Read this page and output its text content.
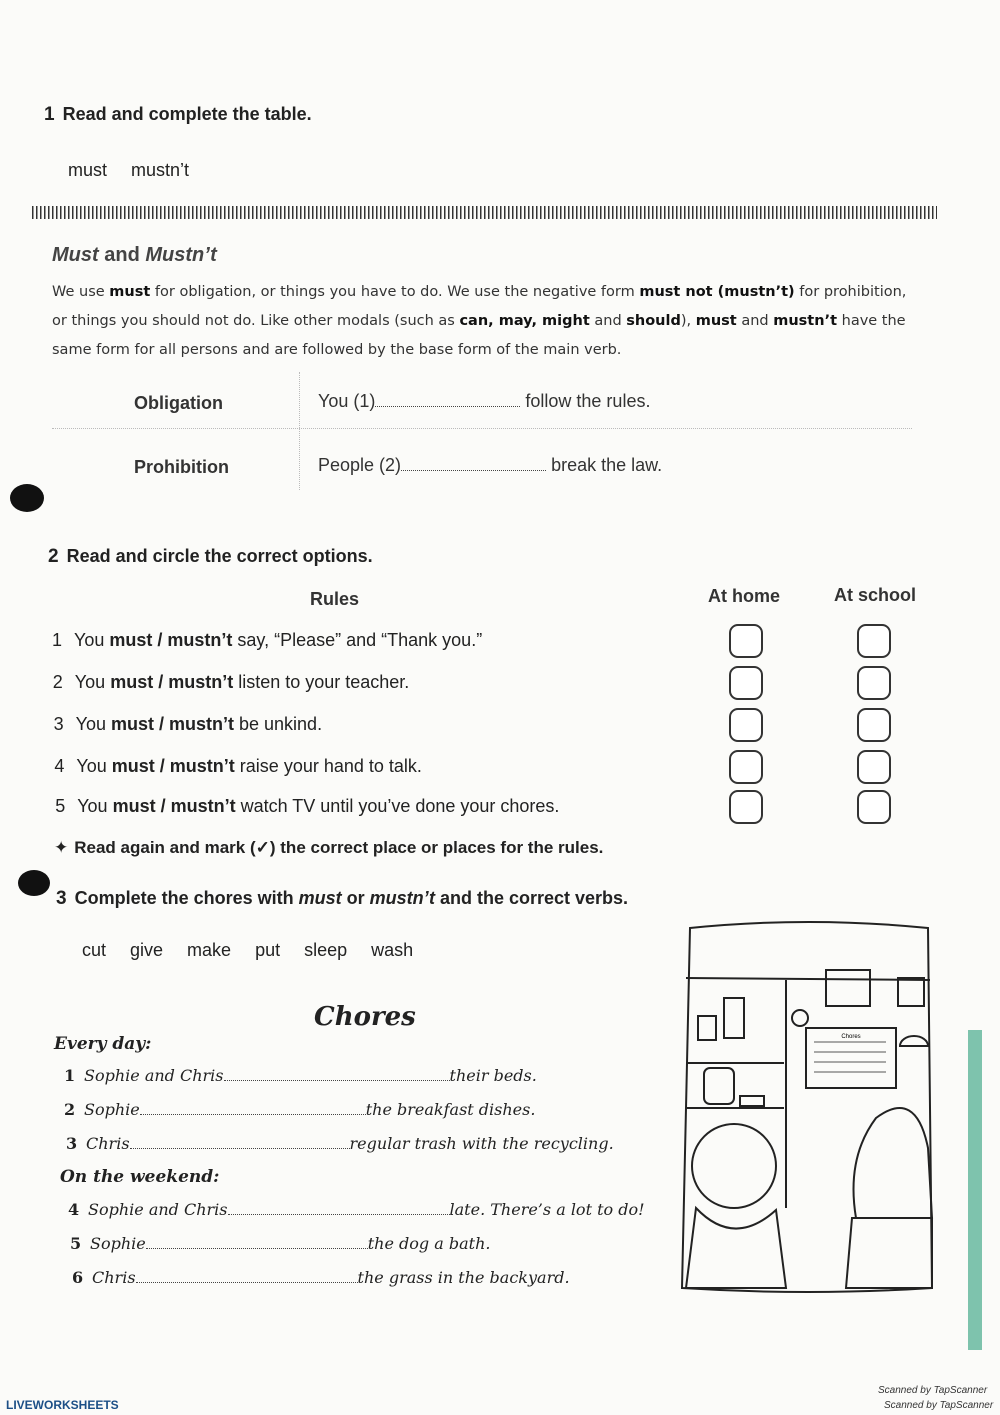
1 Read and complete the table.
must mustn’t
Must and Mustn’t
We use must for obligation, or things you have to do. We use the negative form must not (mustn’t) for prohibition, or things you should not do. Like other modals (such as can, may, might and should), must and mustn’t have the same form for all persons and are followed by the base form of the main verb.
Obligation	You (1)	follow the rules.
Prohibition	People (2)	break the law.
2 Read and circle the correct options.
Rules	At home	At school
1 You must / mustn’t say, “Please” and “Thank you.”
2 You must / mustn’t listen to your teacher.
3 You must / mustn’t be unkind.
4 You must / mustn’t raise your hand to talk.
5 You must / mustn’t watch TV until you’ve done your chores.
✦ Read again and mark (✓) the correct place or places for the rules.
3 Complete the chores with must or mustn’t and the correct verbs.
cut give make put sleep wash
Chores
Every day:
On the weekend:
1 Sophie and Chris	their beds.
2 Sophie	the breakfast dishes.
3 Chris	regular trash with the recycling.
4 Sophie and Chris	late. There’s a lot to do!
5 Sophie	the dog a bath.
6 Chris	the grass in the backyard.
Chores
LIVEWORKSHEETS
Scanned by TapScanner
Scanned by TapScanner
